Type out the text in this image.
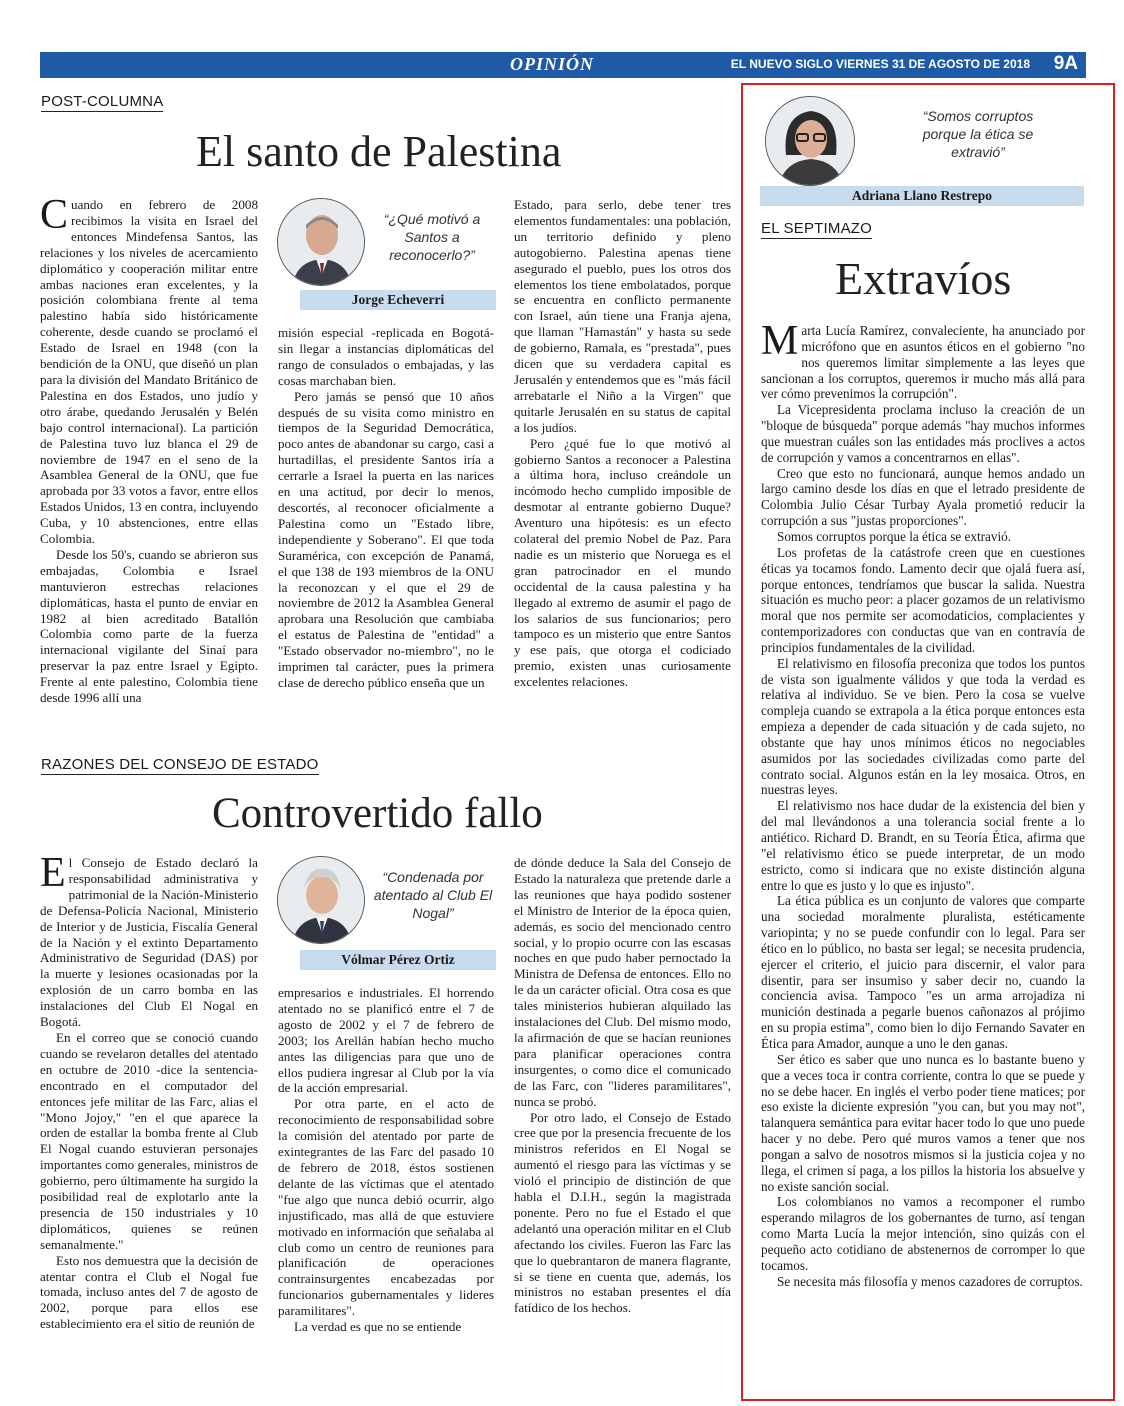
OPINIÓN	EL NUEVO SIGLO VIERNES 31 DE AGOSTO DE 2018 9A
POST-COLUMNA
El santo de Palestina

Cuando en febrero de 2008 recibimos la visita en Israel del entonces Mindefensa Santos, las relaciones y los niveles de acercamiento diplomático y cooperación militar entre ambas naciones eran excelentes, y la posición colombiana frente al tema palestino había sido históricamente coherente, desde cuando se proclamó el Estado de Israel en 1948 (con la bendición de la ONU, que diseñó un plan para la división del Mandato Británico de Palestina en dos Estados, uno judío y otro árabe, quedando Jerusalén y Belén bajo control internacional). La partición de Palestina tuvo luz blanca el 29 de noviembre de 1947 en el seno de la Asamblea General de la ONU, que fue aprobada por 33 votos a favor, entre ellos Estados Unidos, 13 en contra, incluyendo Cuba, y 10 abstenciones, entre ellas Colombia.

Desde los 50's, cuando se abrieron sus embajadas, Colombia e Israel mantuvieron estrechas relaciones diplomáticas, hasta el punto de enviar en 1982 al bien acreditado Batallón Colombia como parte de la fuerza internacional vigilante del Sinaí para preservar la paz entre Israel y Egipto. Frente al ente palestino, Colombia tiene desde 1996 allí una

“¿Qué motivó a Santos a reconocerlo?”
Jorge Echeverri

misión especial -replicada en Bogotá- sin llegar a instancias diplomáticas del rango de consulados o embajadas, y las cosas marchaban bien.

Pero jamás se pensó que 10 años después de su visita como ministro en tiempos de la Seguridad Democrática, poco antes de abandonar su cargo, casi a hurtadillas, el presidente Santos iría a cerrarle a Israel la puerta en las narices en una actitud, por decir lo menos, descortés, al reconocer oficialmente a Palestina como un "Estado libre, independiente y Soberano". El que toda Suramérica, con excepción de Panamá, el que 138 de 193 miembros de la ONU la reconozcan y el que el 29 de noviembre de 2012 la Asamblea General aprobara una Resolución que cambiaba el estatus de Palestina de "entidad" a "Estado observador no-miembro", no le imprimen tal carácter, pues la primera clase de derecho público enseña que un

Estado, para serlo, debe tener tres elementos fundamentales: una población, un territorio definido y pleno autogobierno. Palestina apenas tiene asegurado el pueblo, pues los otros dos elementos los tiene embolatados, porque se encuentra en conflicto permanente con Israel, aún tiene una Franja ajena, que llaman "Hamastán" y hasta su sede de gobierno, Ramala, es "prestada", pues dicen que su verdadera capital es Jerusalén y entendemos que es "más fácil arrebatarle el Niño a la Virgen" que quitarle Jerusalén en su status de capital a los judíos.

Pero ¿qué fue lo que motivó al gobierno Santos a reconocer a Palestina a última hora, incluso creándole un incómodo hecho cumplido imposible de desmotar al entrante gobierno Duque? Aventuro una hipótesis: es un efecto colateral del premio Nobel de Paz. Para nadie es un misterio que Noruega es el gran patrocinador en el mundo occidental de la causa palestina y ha llegado al extremo de asumir el pago de los salarios de sus funcionarios; pero tampoco es un misterio que entre Santos y ese país, que otorga el codiciado premio, existen unas curiosamente excelentes relaciones.

RAZONES DEL CONSEJO DE ESTADO
Controvertido fallo

El Consejo de Estado declaró la responsabilidad administrativa y patrimonial de la Nación-Ministerio de Defensa-Policía Nacional, Ministerio de Interior y de Justicia, Fiscalía General de la Nación y el extinto Departamento Administrativo de Seguridad (DAS) por la muerte y lesiones ocasionadas por la explosión de un carro bomba en las instalaciones del Club El Nogal en Bogotá.

En el correo que se conoció cuando cuando se revelaron detalles del atentado en octubre de 2010 -dice la sentencia- encontrado en el computador del entonces jefe militar de las Farc, alias el "Mono Jojoy," "en el que aparece la orden de estallar la bomba frente al Club El Nogal cuando estuvieran personajes importantes como generales, ministros de gobierno, pero últimamente ha surgido la posibilidad real de explotarlo ante la presencia de 150 industriales y 10 diplomáticos, quienes se reúnen semanalmente."

Esto nos demuestra que la decisión de atentar contra el Club el Nogal fue tomada, incluso antes del 7 de agosto de 2002, porque para ellos ese establecimiento era el sitio de reunión de

“Condenada por atentado al Club El Nogal”
Vólmar Pérez Ortiz

empresarios e industriales. El horrendo atentado no se planificó entre el 7 de agosto de 2002 y el 7 de febrero de 2003; los Arellán habían hecho mucho antes las diligencias para que uno de ellos pudiera ingresar al Club por la vía de la acción empresarial.

Por otra parte, en el acto de reconocimiento de responsabilidad sobre la comisión del atentado por parte de exintegrantes de las Farc del pasado 10 de febrero de 2018, éstos sostienen delante de las víctimas que el atentado "fue algo que nunca debió ocurrir, algo injustificado, mas allá de que estuviere motivado en información que señalaba al club como un centro de reuniones para planificación de operaciones contrainsurgentes encabezadas por funcionarios gubernamentales y lideres paramilitares".

La verdad es que no se entiende

de dónde deduce la Sala del Consejo de Estado la naturaleza que pretende darle a las reuniones que haya podido sostener el Ministro de Interior de la época quien, además, es socio del mencionado centro social, y lo propio ocurre con las escasas noches en que pudo haber pernoctado la Ministra de Defensa de entonces. Ello no le da un carácter oficial. Otra cosa es que tales ministerios hubieran alquilado las instalaciones del Club. Del mismo modo, la afirmación de que se hacían reuniones para planificar operaciones contra insurgentes, o como dice el comunicado de las Farc, con "lideres paramilitares", nunca se probó.

Por otro lado, el Consejo de Estado cree que por la presencia frecuente de los ministros referidos en El Nogal se aumentó el riesgo para las víctimas y se violó el principio de distinción de que habla el D.I.H., según la magistrada ponente. Pero no fue el Estado el que adelantó una operación militar en el Club afectando los civiles. Fueron las Farc las que lo quebrantaron de manera flagrante, si se tiene en cuenta que, además, los ministros no estaban presentes el día fatídico de los hechos.

“Somos corruptos porque la ética se extravió”
Adriana Llano Restrepo
EL SEPTIMAZO
Extravíos

Marta Lucía Ramírez, convaleciente, ha anunciado por micrófono que en asuntos éticos en el gobierno "no nos queremos limitar simplemente a las leyes que sancionan a los corruptos, queremos ir mucho más allá para ver cómo prevenimos la corrupción".

La Vicepresidenta proclama incluso la creación de un "bloque de búsqueda" porque además "hay muchos informes que muestran cuáles son las entidades más proclives a actos de corrupción y vamos a concentrarnos en ellas".

Creo que esto no funcionará, aunque hemos andado un largo camino desde los días en que el letrado presidente de Colombia Julio César Turbay Ayala prometió reducir la corrupción a sus "justas proporciones".

Somos corruptos porque la ética se extravió.

Los profetas de la catástrofe creen que en cuestiones éticas ya tocamos fondo. Lamento decir que ojalá fuera así, porque entonces, tendríamos que buscar la salida. Nuestra situación es mucho peor: a placer gozamos de un relativismo moral que nos permite ser acomodaticios, complacientes y contemporizadores con conductas que van en contravía de principios fundamentales de la civilidad.

El relativismo en filosofía preconiza que todos los puntos de vista son igualmente válidos y que toda la verdad es relativa al individuo. Se ve bien. Pero la cosa se vuelve compleja cuando se extrapola a la ética porque entonces esta empieza a depender de cada situación y de cada sujeto, no obstante que hay unos mínimos éticos no negociables asumidos por las sociedades civilizadas como parte del contrato social. Algunos están en la ley mosaica. Otros, en nuestras leyes.

El relativismo nos hace dudar de la existencia del bien y del mal llevándonos a una tolerancia social frente a lo antiético. Richard D. Brandt, en su Teoría Ética, afirma que "el relativismo ético se puede interpretar, de un modo estricto, como si indicara que no existe distinción alguna entre lo que es justo y lo que es injusto".

La ética pública es un conjunto de valores que comparte una sociedad moralmente pluralista, estéticamente variopinta; y no se puede confundir con lo legal. Para ser ético en lo público, no basta ser legal; se necesita prudencia, ejercer el criterio, el juicio para discernir, el valor para disentir, para ser insumiso y saber decir no, cuando la conciencia avisa. Tampoco "es un arma arrojadiza ni munición destinada a pegarle buenos cañonazos al prójimo en su propia estima", como bien lo dijo Fernando Savater en Ética para Amador, aunque a uno le den ganas.

Ser ético es saber que uno nunca es lo bastante bueno y que a veces toca ir contra corriente, contra lo que se puede y no se debe hacer. En inglés el verbo poder tiene matices; por eso existe la diciente expresión "you can, but you may not", talanquera semántica para evitar hacer todo lo que uno puede hacer y no debe. Pero qué muros vamos a tener que nos pongan a salvo de nosotros mismos si la justicia cojea y no llega, el crimen sí paga, a los pillos la historia los absuelve y no existe sanción social.

Los colombianos no vamos a recomponer el rumbo esperando milagros de los gobernantes de turno, así tengan como Marta Lucía la mejor intención, sino quizás con el pequeño acto cotidiano de abstenernos de corromper lo que tocamos.

Se necesita más filosofía y menos cazadores de corruptos.
